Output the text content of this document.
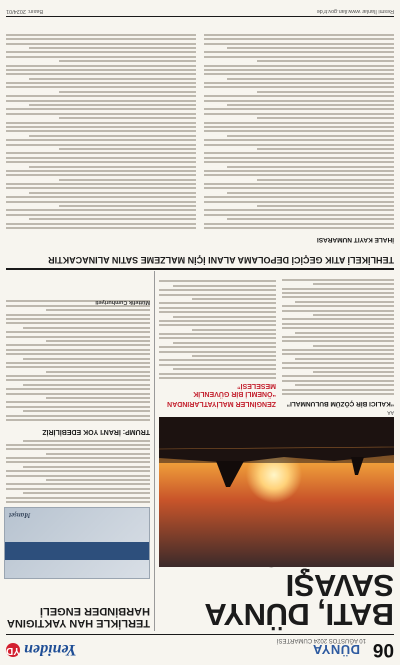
06
DÜNYA
Yeniden
YD
10 AĞUSTOS 2024 CUMARTESİ
BATI, DÜNYA
SAVAŞI
AA
“KALICI BİR ÇÖZÜM BULUNMALI”
ZENGİNLER MALİYATLARINDAN
“ÖNEMLİ BİR GÜVENLİK MESELESİ”
TERLİKLE HAN YAKTIGINA HARBİNDER ENGELİ
Manşet
TRUMP: İRAN'I YOK EDEBİLİRİZ
Müttefik Cumhuriyeti
TEHLİKELİ ATIK GEÇİCİ DEPOLAMA ALANI İÇİN MALZEME SATIN ALINACAKTIR
İHALE KAYIT NUMARASI
Resmi İlanlar www.ilan.gov.tr'de
Basın: 2024/01
